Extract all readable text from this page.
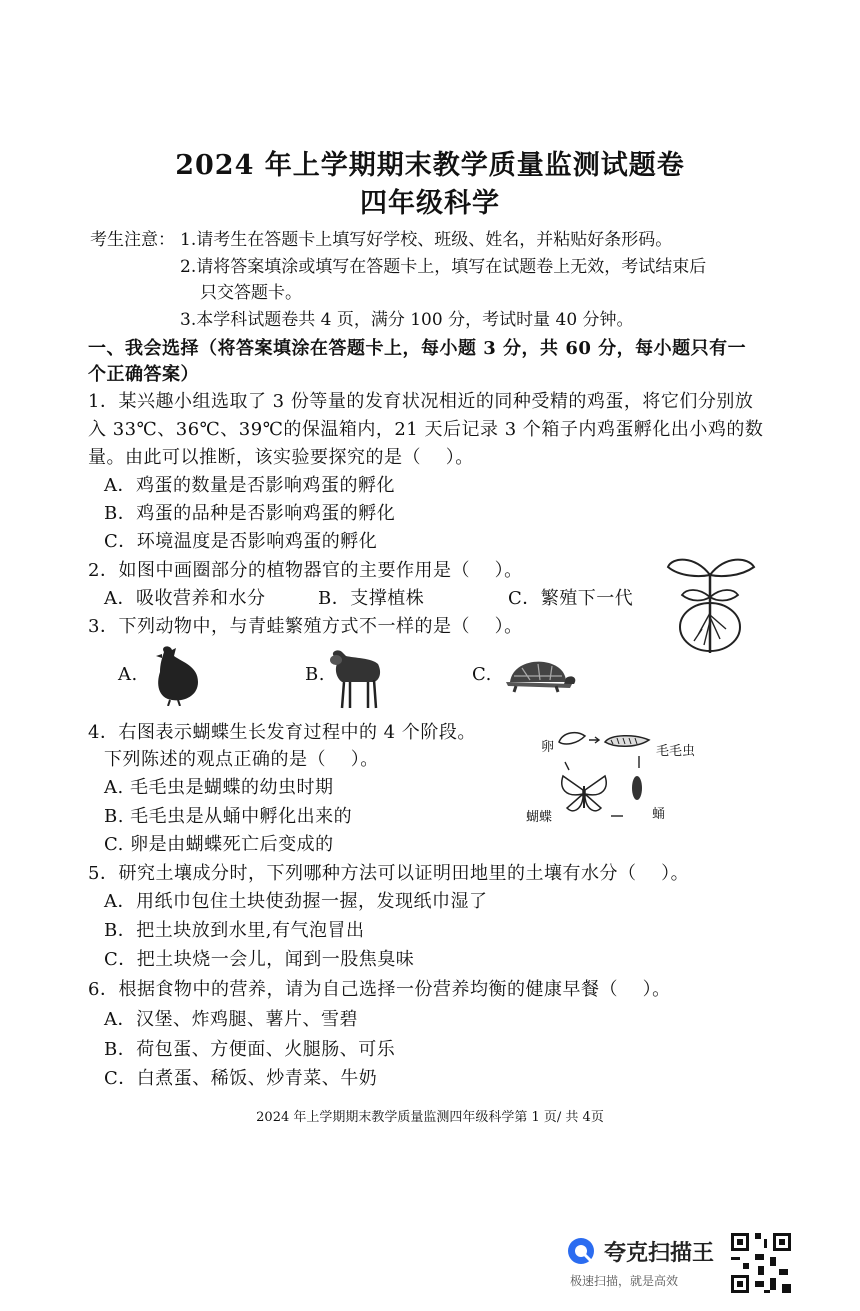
2024 年上学期期末教学质量监测试题卷
四年级科学
考生注意： 1.请考生在答题卡上填写好学校、班级、姓名，并粘贴好条形码。
2.请将答案填涂或填写在答题卡上，填写在试题卷上无效，考试结束后
只交答题卡。
3.本学科试题卷共 4 页，满分 100 分，考试时量 40 分钟。
一、我会选择（将答案填涂在答题卡上，每小题 3 分，共 60 分，每小题只有一
个正确答案）
1．某兴趣小组选取了 3 份等量的发育状况相近的同种受精的鸡蛋，将它们分别放
入 33℃、36℃、39℃的保温箱内，21 天后记录 3 个箱子内鸡蛋孵化出小鸡的数
量。由此可以推断，该实验要探究的是（　 ）。
A．鸡蛋的数量是否影响鸡蛋的孵化
B．鸡蛋的品种是否影响鸡蛋的孵化
C．环境温度是否影响鸡蛋的孵化
2．如图中画圈部分的植物器官的主要作用是（　 ）。
A．吸收营养和水分	B．支撑植株	C．繁殖下一代
3．下列动物中，与青蛙繁殖方式不一样的是（　 ）。
A.	B.	C.
4．右图表示蝴蝶生长发育过程中的 4 个阶段。
下列陈述的观点正确的是（　 ）。
A. 毛毛虫是蝴蝶的幼虫时期
B. 毛毛虫是从蛹中孵化出来的
C. 卵是由蝴蝶死亡后变成的
卵	毛毛虫
蝴蝶	蛹
5．研究土壤成分时，下列哪种方法可以证明田地里的土壤有水分（　 ）。
A．用纸巾包住土块使劲握一握，发现纸巾湿了
B．把土块放到水里,有气泡冒出
C．把土块烧一会儿，闻到一股焦臭味
6．根据食物中的营养，请为自己选择一份营养均衡的健康早餐（　 ）。
A．汉堡、炸鸡腿、薯片、雪碧
B．荷包蛋、方便面、火腿肠、可乐
C．白煮蛋、稀饭、炒青菜、牛奶
2024 年上学期期末教学质量监测四年级科学第 1 页/ 共 4页
夸克扫描王
极速扫描，就是高效
